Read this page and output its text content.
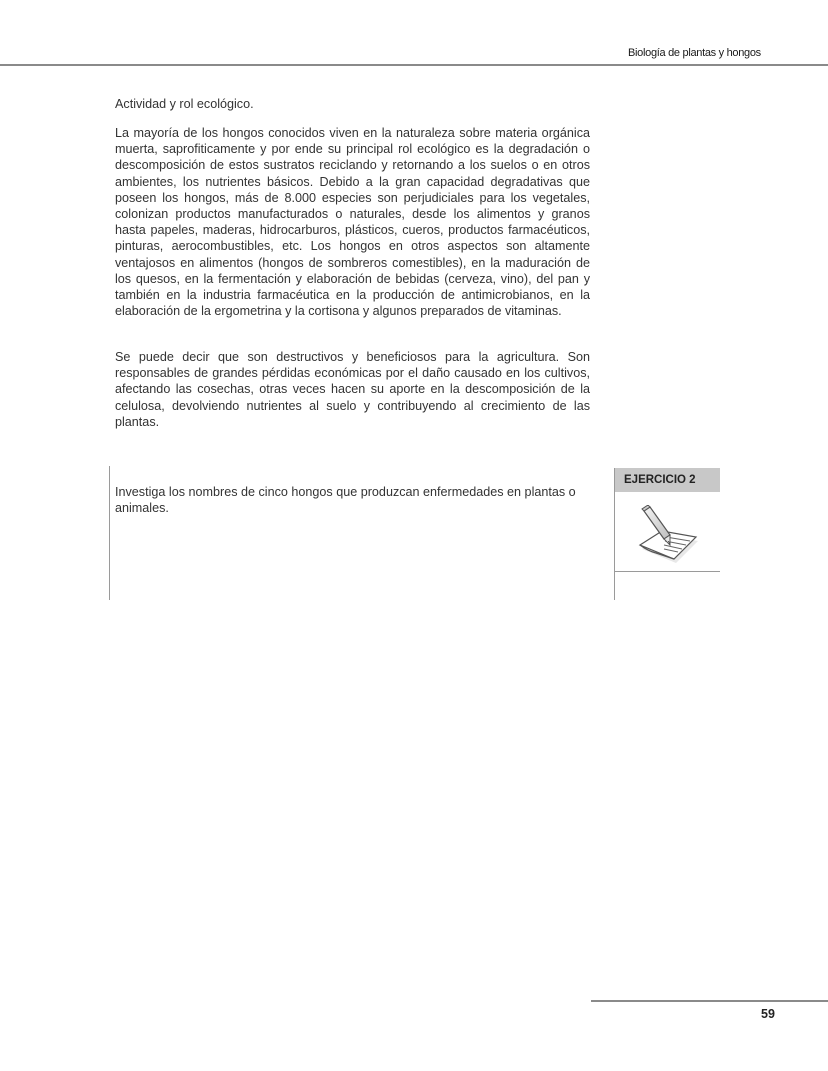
Biología de plantas y hongos
Actividad y rol ecológico.

La mayoría de los hongos conocidos viven en la naturaleza sobre materia orgánica muerta, saprofiticamente y por ende su principal rol ecológico es la degradación o descomposición de estos sustratos reciclando y retornando a los suelos o en otros ambientes, los nutrientes básicos. Debido a la gran capacidad degradativas que poseen los hongos, más de 8.000 especies son perjudiciales para los vegetales, colonizan productos manufacturados o naturales, desde los alimentos y granos hasta papeles, maderas, hidrocarburos, plásticos, cueros, productos farmacéuticos, pinturas, aerocombustibles, etc. Los hongos en otros aspectos son altamente ventajosos en alimentos (hongos de sombreros comestibles), en la maduración de los quesos, en la fermentación y elaboración de bebidas (cerveza, vino), del pan y también en la industria farmacéutica en la producción de antimicrobianos, en la elaboración de la ergometrina y la cortisona y algunos preparados de vitaminas.

Se puede decir que son destructivos y beneficiosos para la agricultura. Son responsables de grandes pérdidas económicas por el daño causado en los cultivos, afectando las cosechas, otras veces hacen su aporte en la descomposición de la celulosa, devolviendo nutrientes al suelo y contribuyendo al crecimiento de las plantas.

Investiga los nombres de cinco hongos que produzcan enfermedades en plantas o animales.

EJERCICIO 2
59
